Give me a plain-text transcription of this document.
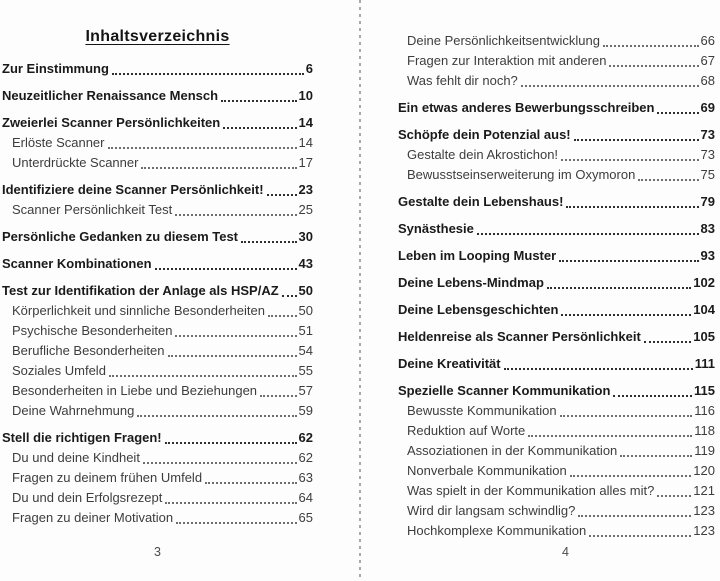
Inhaltsverzeichnis
Zur Einstimmung	6
Neuzeitlicher Renaissance Mensch	10
Zweierlei Scanner Persönlichkeiten	14
Erlöste Scanner	14
Unterdrückte Scanner	17
Identifiziere deine Scanner Persönlichkeit!	23
Scanner Persönlichkeit Test	25
Persönliche Gedanken zu diesem Test	30
Scanner Kombinationen	43
Test zur Identifikation der Anlage als HSP/AZ 50
Körperlichkeit und sinnliche Besonderheiten	50
Psychische Besonderheiten	51
Berufliche Besonderheiten	54
Soziales Umfeld	55
Besonderheiten in Liebe und Beziehungen	57
Deine Wahrnehmung	59
Stell die richtigen Fragen!	62
Du und deine Kindheit	62
Fragen zu deinem frühen Umfeld	63
Du und dein Erfolgsrezept	64
Fragen zu deiner Motivation	65
3
Deine Persönlichkeitsentwicklung	66
Fragen zur Interaktion mit anderen	67
Was fehlt dir noch?	68
Ein etwas anderes Bewerbungsschreiben	69
Schöpfe dein Potenzial aus!	73
Gestalte dein Akrostichon!	73
Bewusstseinserweiterung im Oxymoron	75
Gestalte dein Lebenshaus!	79
Synästhesie	83
Leben im Looping Muster	93
Deine Lebens-Mindmap	102
Deine Lebensgeschichten	104
Heldenreise als Scanner Persönlichkeit	105
Deine Kreativität	111
Spezielle Scanner Kommunikation	115
Bewusste Kommunikation	116
Reduktion auf Worte	118
Assoziationen in der Kommunikation	119
Nonverbale Kommunikation	120
Was spielt in der Kommunikation alles mit?	121
Wird dir langsam schwindlig?	123
Hochkomplexe Kommunikation	123
4
